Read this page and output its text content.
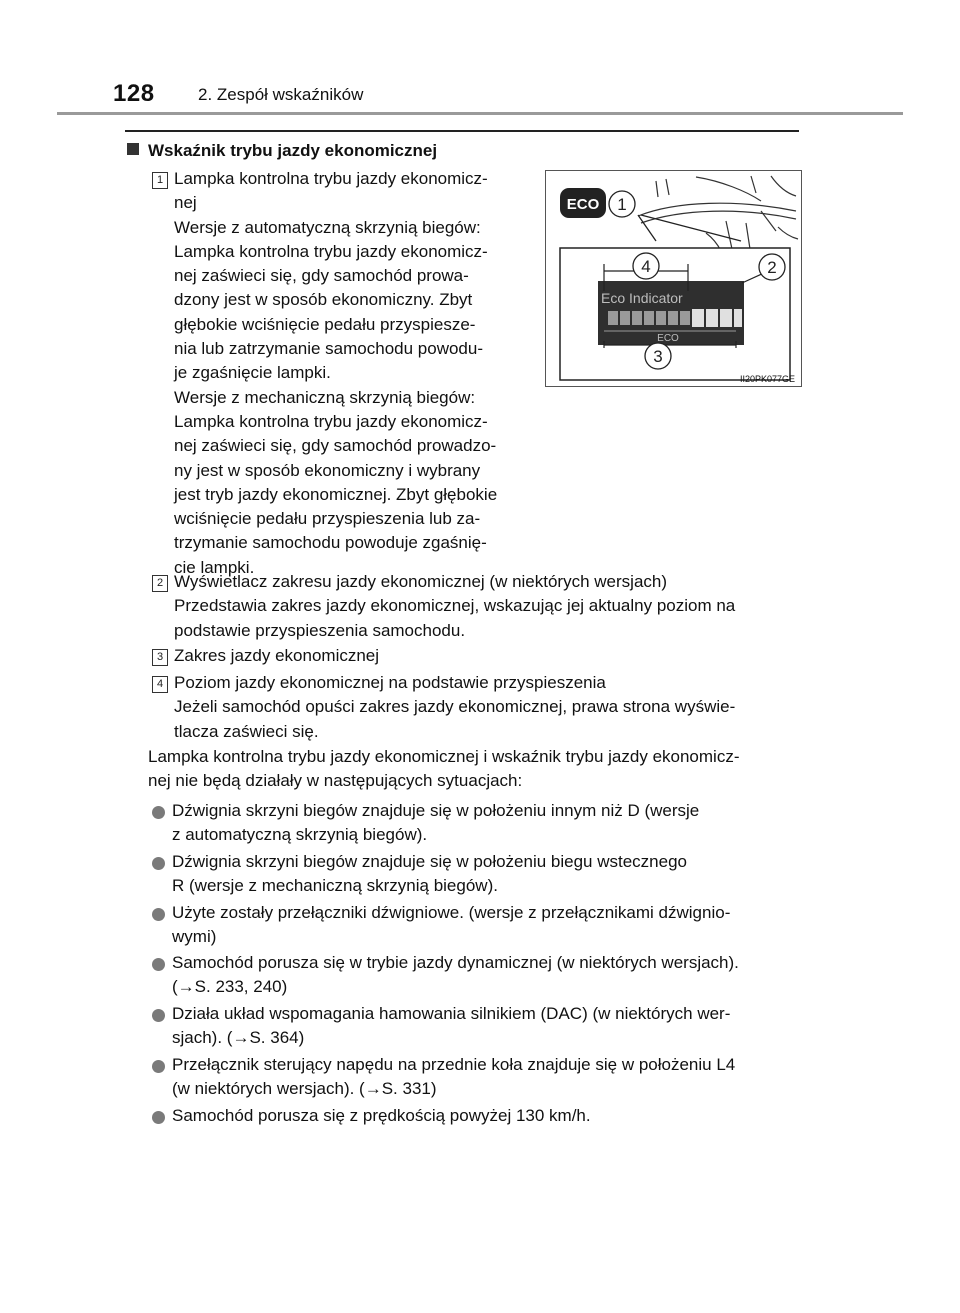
128	2. Zespół wskaźników
Wskaźnik trybu jazdy ekonomicznej
1 Lampka kontrolna trybu jazdy ekonomicz-
nej
Wersje z automatyczną skrzynią biegów:
Lampka kontrolna trybu jazdy ekonomicz-
nej zaświeci się, gdy samochód prowa-
dzony jest w sposób ekonomiczny. Zbyt
głębokie wciśnięcie pedału przyspiesze-
nia lub zatrzymanie samochodu powodu-
je zgaśnięcie lampki.
Wersje z mechaniczną skrzynią biegów:
Lampka kontrolna trybu jazdy ekonomicz-
nej zaświeci się, gdy samochód prowadzo-
ny jest w sposób ekonomiczny i wybrany
jest tryb jazdy ekonomicznej. Zbyt głębokie
wciśnięcie pedału przyspieszenia lub za-
trzymanie samochodu powoduje zgaśnię-
cie lampki.
ECO 1
Eco Indicator
ECO
4	2
3
II20PK077GE
2 Wyświetlacz zakresu jazdy ekonomicznej (w niektórych wersjach)
Przedstawia zakres jazdy ekonomicznej, wskazując jej aktualny poziom na
podstawie przyspieszenia samochodu.
3 Zakres jazdy ekonomicznej
4 Poziom jazdy ekonomicznej na podstawie przyspieszenia
Jeżeli samochód opuści zakres jazdy ekonomicznej, prawa strona wyświe-
tlacza zaświeci się.
Lampka kontrolna trybu jazdy ekonomicznej i wskaźnik trybu jazdy ekonomicz-
nej nie będą działały w następujących sytuacjach:
Dźwignia skrzyni biegów znajduje się w położeniu innym niż D (wersje
z automatyczną skrzynią biegów).
Dźwignia skrzyni biegów znajduje się w położeniu biegu wstecznego
R (wersje z mechaniczną skrzynią biegów).
Użyte zostały przełączniki dźwigniowe. (wersje z przełącznikami dźwignio-
wymi)
Samochód porusza się w trybie jazdy dynamicznej (w niektórych wersjach).
(→S. 233, 240)
Działa układ wspomagania hamowania silnikiem (DAC) (w niektórych wer-
sjach). (→S. 364)
Przełącznik sterujący napędu na przednie koła znajduje się w położeniu L4
(w niektórych wersjach). (→S. 331)
Samochód porusza się z prędkością powyżej 130 km/h.
